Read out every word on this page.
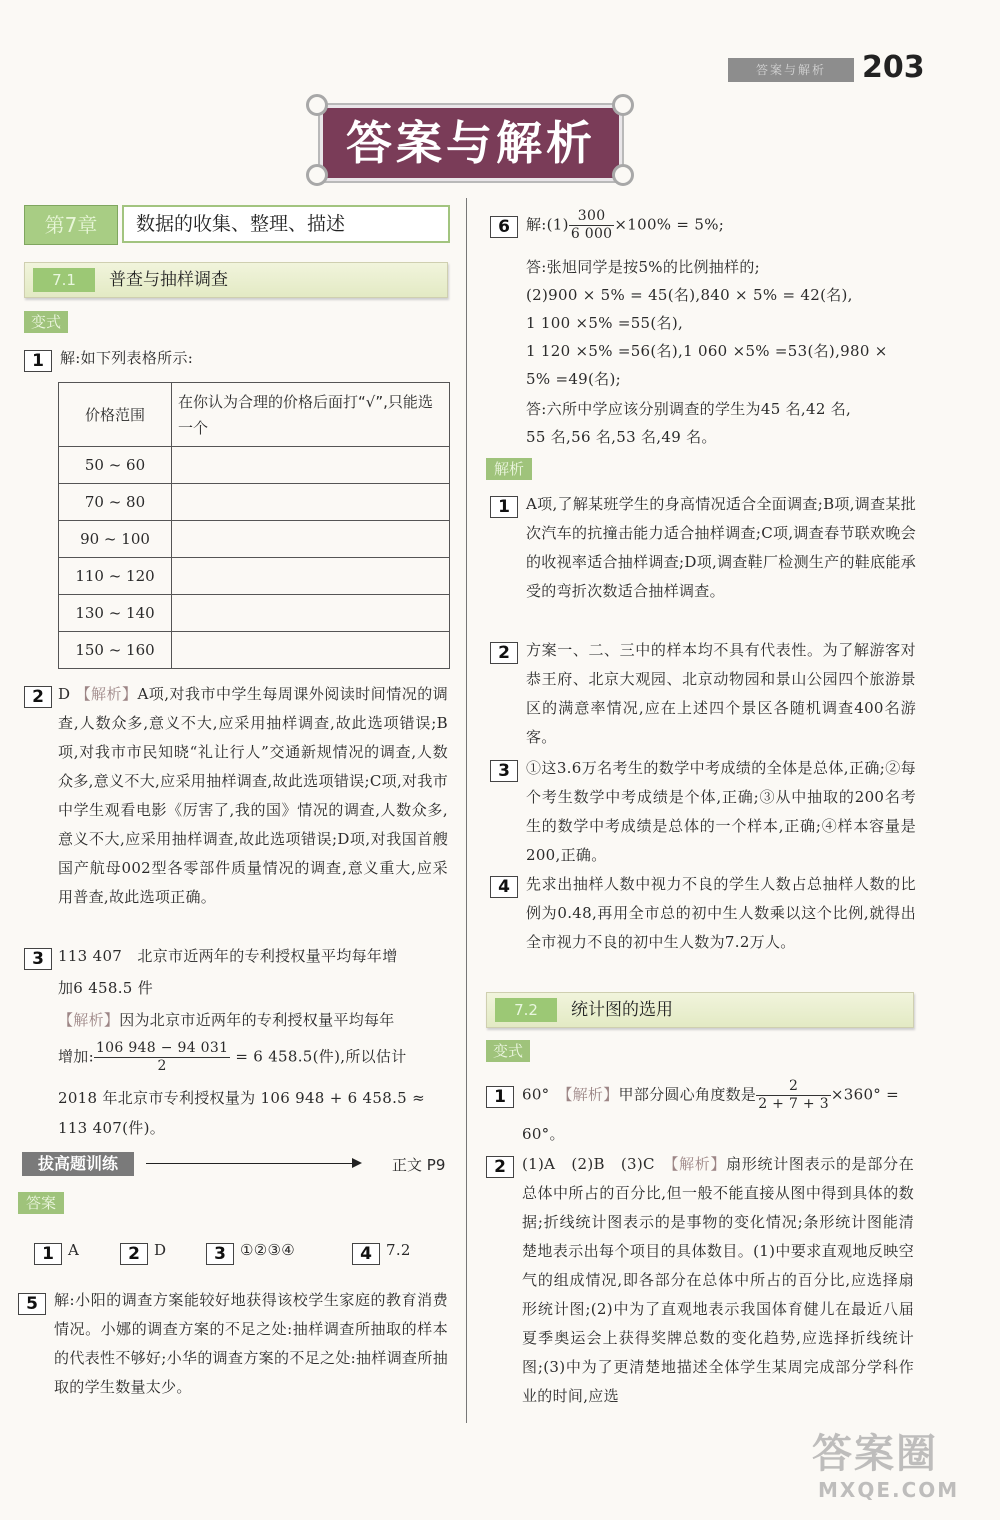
答案与解析	203
答案与解析
第7章	数据的收集、整理、描述
7.1	普查与抽样调查
变式
1	解:如下列表格所示:
价格范围	在你认为合理的价格后面打“√”,只能选一个
50 ~ 60	
70 ~ 80	
90 ~ 100	
110 ~ 120	
130 ~ 140	
150 ~ 160	
2 D 【解析】A项,对我市中学生每周课外阅读时间情况的调查,人数众多,意义不大,应采用抽样调查,故此选项错误;B项,对我市市民知晓“礼让行人”交通新规情况的调查,人数众多,意义不大,应采用抽样调查,故此选项错误;C项,对我市中学生观看电影《厉害了,我的国》情况的调查,人数众多,意义不大,应采用抽样调查,故此选项错误;D项,对我国首艘国产航母002型各零部件质量情况的调查,意义重大,应采用普查,故此选项正确。
3 113 407　北京市近两年的专利授权量平均每年增
加6 458.5 件
【解析】因为北京市近两年的专利授权量平均每年
增加: $\frac{106 948 - 94 031}{2} = 6$ 458.5(件),所以估计
2018 年北京市专利授权量为 106 948 + 6 458.5 ≈
113 407(件)。
拔高题训练	正文 P9
答案
1 A	2 D	3 ①②③④	4 7.2
5	解:小阳的调查方案能较好地获得该校学生家庭的教育消费情况。小娜的调查方案的不足之处:抽样调查所抽取的样本的代表性不够好;小华的调查方案的不足之处:抽样调查所抽取的学生数量太少。
6	解:(1) $\frac{300}{6 000} \times 100\% = 5\%$;
答:张旭同学是按5%的比例抽样的;
(2)900 × 5% = 45(名),840 × 5% = 42(名),
1 100 ×5% =55(名),
1 120 ×5% =56(名),1 060 ×5% =53(名),980 ×
5% =49(名);
答:六所中学应该分别调查的学生为45 名,42 名,
55 名,56 名,53 名,49 名。
解析
1	A项,了解某班学生的身高情况适合全面调查;B项,调查某批次汽车的抗撞击能力适合抽样调查;C项,调查春节联欢晚会的收视率适合抽样调查;D项,调查鞋厂检测生产的鞋底能承受的弯折次数适合抽样调查。
2	方案一、二、三中的样本均不具有代表性。为了解游客对恭王府、北京大观园、北京动物园和景山公园四个旅游景区的满意率情况,应在上述四个景区各随机调查400名游客。
3	①这3.6万名考生的数学中考成绩的全体是总体,正确;②每个考生数学中考成绩是个体,正确;③从中抽取的200名考生的数学中考成绩是总体的一个样本,正确;④样本容量是200,正确。
4	先求出抽样人数中视力不良的学生人数占总抽样人数的比例为0.48,再用全市总的初中生人数乘以这个比例,就得出全市视力不良的初中生人数为7.2万人。
7.2	统计图的选用
变式
1	60°　 【解析】甲部分圆心角度数是 $\frac{2}{2 + 7 + 3} \times 360^\circ$ =
60°。
2	(1)A　(2)B　(3)C　 【解析】扇形统计图表示的是部分在总体中所占的百分比,但一般不能直接从图中得到具体的数据;折线统计图表示的是事物的变化情况;条形统计图能清楚地表示出每个项目的具体数目。(1)中要求直观地反映空气的组成情况,即各部分在总体中所占的百分比,应选择扇形统计图;(2)中为了直观地表示我国体育健儿在最近八届夏季奥运会上获得奖牌总数的变化趋势,应选择折线统计图;(3)中为了更清楚地描述全体学生某周完成部分学科作业的时间,应选
答案圈
MXQE.COM
